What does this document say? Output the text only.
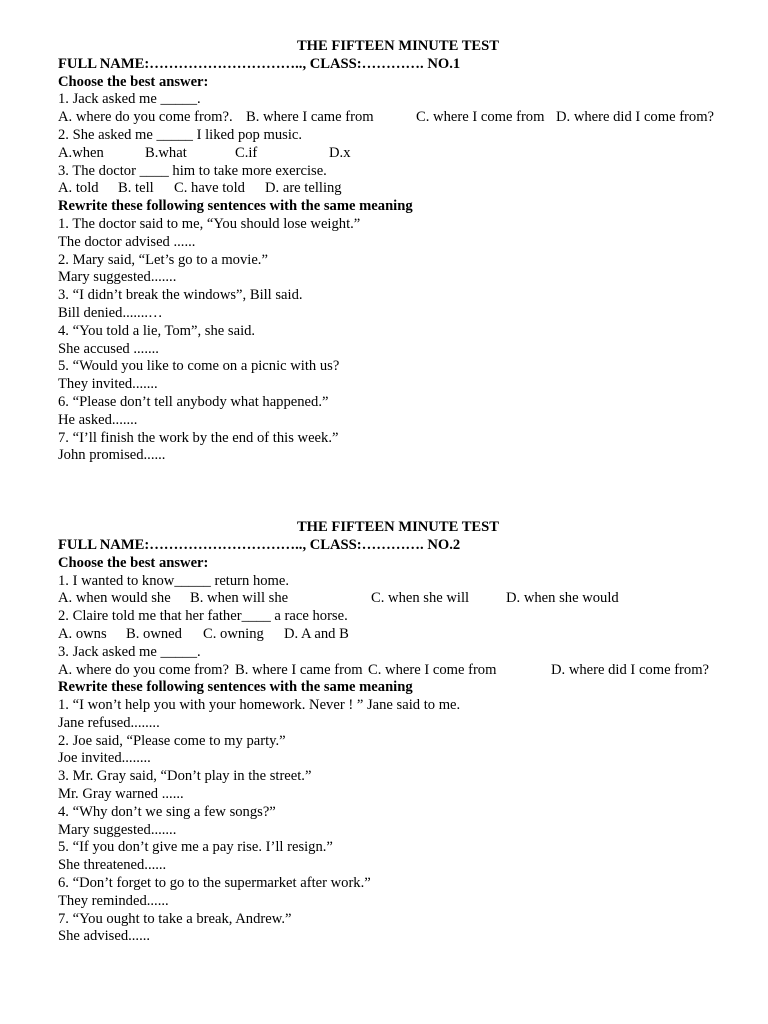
THE FIFTEEN MINUTE TEST
FULL NAME:………………………….., CLASS:…………. NO.1
Choose the best answer:
1. Jack asked me _____.
A. where do you come from?. B. where I came from	C. where I come from D. where did I come from?
2. She asked me _____ I liked pop music.
A.when	B.what	C.if	D.x
3. The doctor ____ him to take more exercise.
A. told B. tell C. have told D. are telling
Rewrite these following sentences with the same meaning
1. The doctor said to me, “You should lose weight.”
The doctor advised ......
2. Mary said, “Let’s go to a movie.”
Mary suggested.......
3. “I didn’t break the windows”, Bill said.
Bill denied.......…
4. “You told a lie, Tom”, she said.
She accused .......
5. “Would you like to come on a picnic with us?
They invited.......
6. “Please don’t tell anybody what happened.”
He asked.......
7. “I’ll finish the work by the end of this week.”
John promised......
THE FIFTEEN MINUTE TEST
FULL NAME:………………………….., CLASS:…………. NO.2
Choose the best answer:
1. I wanted to know_____ return home.
A. when would she B. when will she	C. when she will	D. when she would
2. Claire told me that her father____ a race horse.
A. owns B. owned C. owning D. A and B
3. Jack asked me _____.
A. where do you come from? B. where I came from C. where I come from	D. where did I come from?
Rewrite these following sentences with the same meaning
1. “I won’t help you with your homework. Never ! ” Jane said to me.
Jane refused........
2. Joe said, “Please come to my party.”
Joe invited........
3. Mr. Gray said, “Don’t play in the street.”
Mr. Gray warned ......
4. “Why don’t we sing a few songs?”
Mary suggested.......
5. “If you don’t give me a pay rise. I’ll resign.”
She threatened......
6. “Don’t forget to go to the supermarket after work.”
They reminded......
7. “You ought to take a break, Andrew.”
She advised......
